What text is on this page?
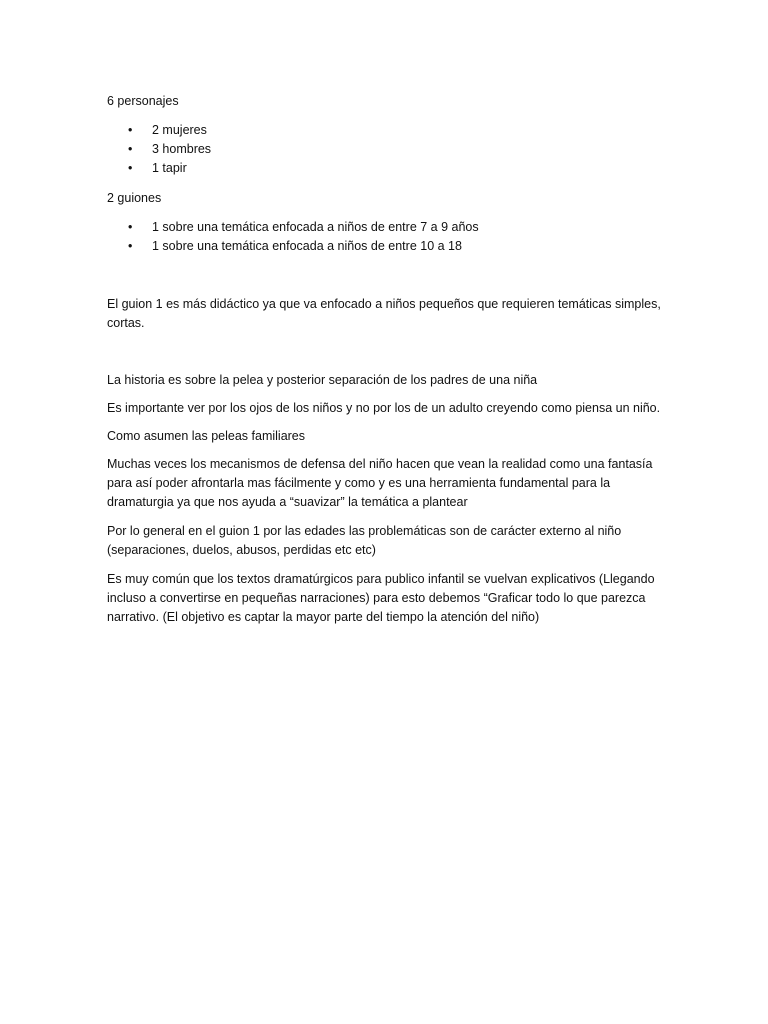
6 personajes

• 2 mujeres
• 3 hombres
• 1 tapir

2 guiones

• 1 sobre una temática enfocada a niños de entre 7 a 9 años
• 1 sobre una temática enfocada a niños de entre 10 a 18

El guion 1 es más didáctico ya que va enfocado a niños pequeños que requieren temáticas simples, cortas.

La historia es sobre la pelea y posterior separación de los padres de una niña

Es importante ver por los ojos de los niños y no por los de un adulto creyendo como piensa un niño.

Como asumen las peleas familiares

Muchas veces los mecanismos de defensa del niño hacen que vean la realidad como una fantasía para así poder afrontarla mas fácilmente y como y es una herramienta fundamental para la dramaturgia ya que nos ayuda a “suavizar” la temática a plantear

Por lo general en el guion 1 por las edades las problemáticas son de carácter externo al niño (separaciones, duelos, abusos, perdidas etc etc)

Es muy común que los textos dramatúrgicos para publico infantil se vuelvan explicativos (Llegando incluso a convertirse en pequeñas narraciones) para esto debemos “Graficar todo lo que parezca narrativo. (El objetivo es captar la mayor parte del tiempo la atención del niño)
